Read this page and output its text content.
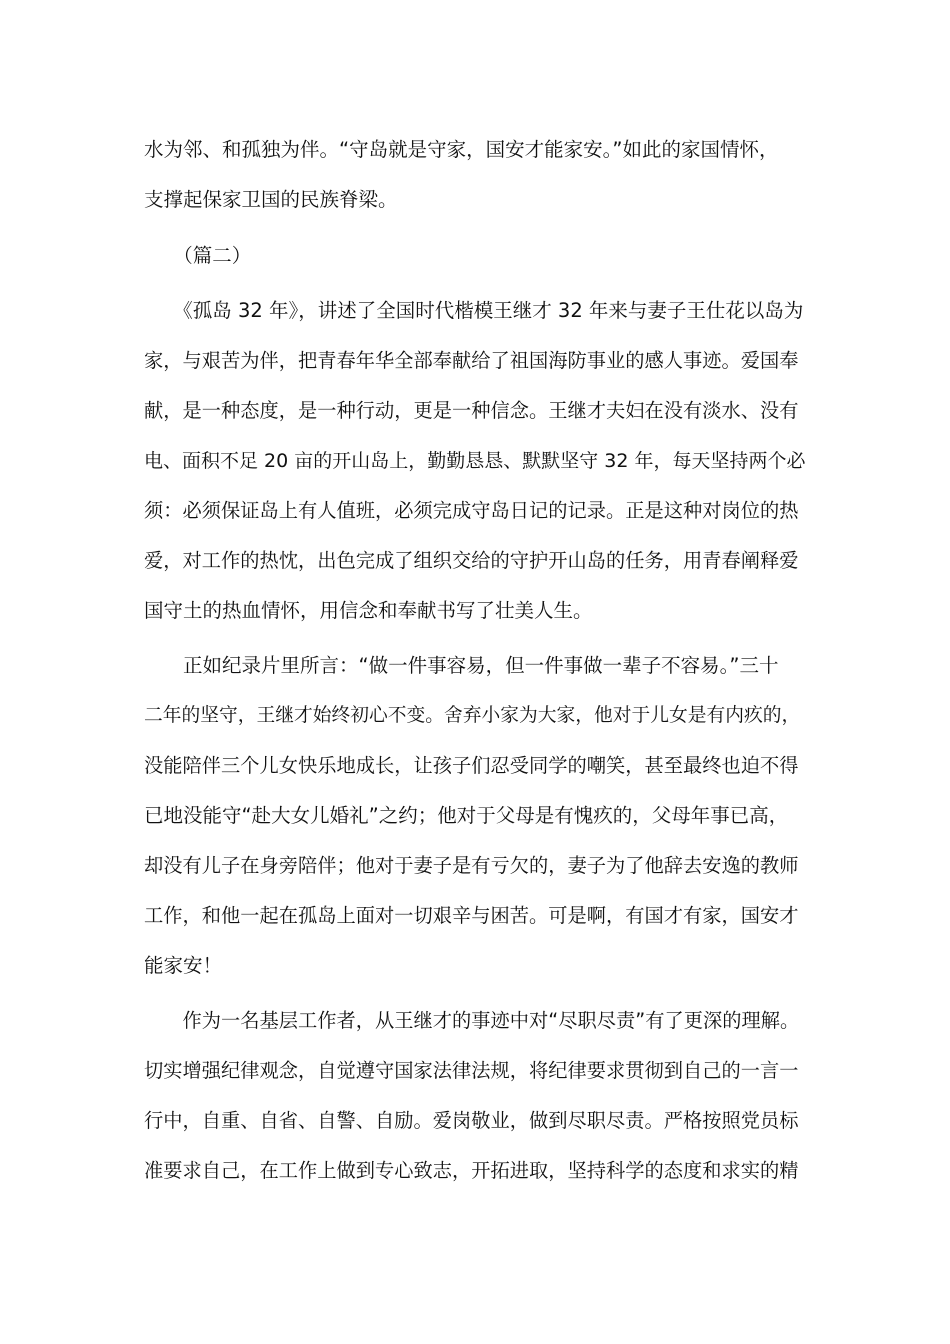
水为邻、和孤独为伴。“守岛就是守家，国安才能家安。”如此的家国情怀，
支撑起保家卫国的民族脊梁。
　　（篇二）
　　《孤岛 32 年》，讲述了全国时代楷模王继才 32 年来与妻子王仕花以岛为
家，与艰苦为伴，把青春年华全部奉献给了祖国海防事业的感人事迹。爱国奉
献，是一种态度，是一种行动，更是一种信念。王继才夫妇在没有淡水、没有
电、面积不足 20 亩的开山岛上，勤勤恳恳、默默坚守 32 年，每天坚持两个必
须：必须保证岛上有人值班，必须完成守岛日记的记录。正是这种对岗位的热
爱，对工作的热忱，出色完成了组织交给的守护开山岛的任务，用青春阐释爱
国守土的热血情怀，用信念和奉献书写了壮美人生。
　　正如纪录片里所言：“做一件事容易，但一件事做一辈子不容易。”三十
二年的坚守，王继才始终初心不变。舍弃小家为大家，他对于儿女是有内疚的，
没能陪伴三个儿女快乐地成长，让孩子们忍受同学的嘲笑，甚至最终也迫不得
已地没能守“赴大女儿婚礼”之约；他对于父母是有愧疚的，父母年事已高，
却没有儿子在身旁陪伴；他对于妻子是有亏欠的，妻子为了他辞去安逸的教师
工作，和他一起在孤岛上面对一切艰辛与困苦。可是啊，有国才有家，国安才
能家安！
　　作为一名基层工作者，从王继才的事迹中对“尽职尽责”有了更深的理解。
切实增强纪律观念，自觉遵守国家法律法规，将纪律要求贯彻到自己的一言一
行中，自重、自省、自警、自励。爱岗敬业，做到尽职尽责。严格按照党员标
准要求自己，在工作上做到专心致志，开拓进取，坚持科学的态度和求实的精
